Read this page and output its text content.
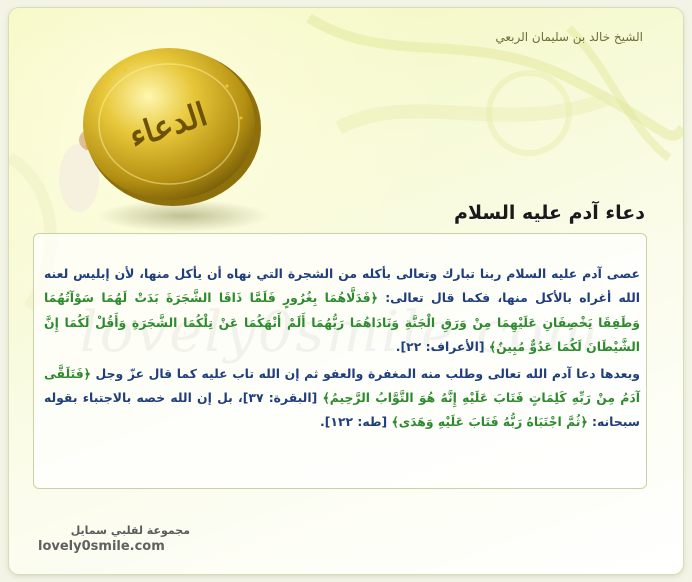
الدعاء
الشيخ خالد بن سليمان الربعي
دعاء آدم عليه السلام

عصى آدم عليه السلام ربنا تبارك وتعالى بأكله من الشجرة التي نهاه أن يأكل منها، لأن إبليس لعنه الله أغراه بالأكل منها، فكما قال تعالى: ﴿فَدَلَّاهُمَا بِغُرُورٍ فَلَمَّا ذَاقَا الشَّجَرَةَ بَدَتْ لَهُمَا سَوْآتُهُمَا وَطَفِقَا يَخْصِفَانِ عَلَيْهِمَا مِنْ وَرَقِ الْجَنَّةِ وَنَادَاهُمَا رَبُّهُمَا أَلَمْ أَنْهَكُمَا عَنْ تِلْكُمَا الشَّجَرَةِ وَأَقُلْ لَكُمَا إِنَّ الشَّيْطَانَ لَكُمَا عَدُوٌّ مُبِينٌ﴾ [الأعراف: ٢٢].

وبعدها دعا آدم الله تعالى وطلب منه المغفرة والعفو ثم إن الله تاب عليه كما قال عزّ وجل ﴿فَتَلَقَّى آدَمُ مِنْ رَبِّهِ كَلِمَاتٍ فَتَابَ عَلَيْهِ إِنَّهُ هُوَ التَّوَّابُ الرَّحِيمُ﴾ [البقرة: ٣٧]، بل إن الله خصه بالاجتباء بقوله سبحانه: ﴿ثُمَّ اجْتَبَاهُ رَبُّهُ فَتَابَ عَلَيْهِ وَهَدَى﴾ [طه: ١٢٢].

مجموعة لقلبي سمايل
lovely0smile.com
